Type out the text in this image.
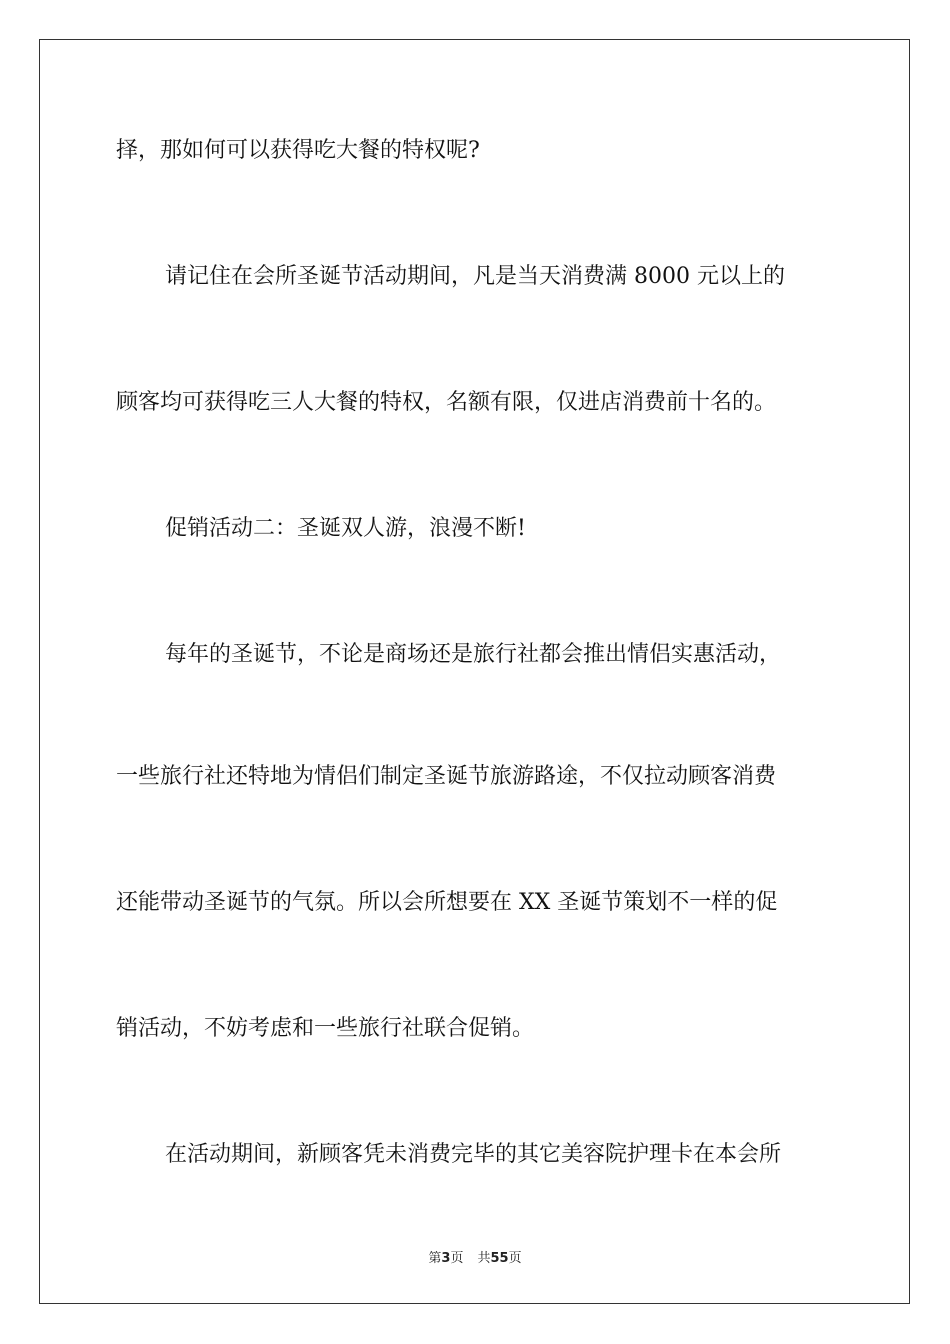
择，那如何可以获得吃大餐的特权呢?
请记住在会所圣诞节活动期间，凡是当天消费满 8000 元以上的
顾客均可获得吃三人大餐的特权，名额有限，仅进店消费前十名的。
促销活动二：圣诞双人游，浪漫不断!
每年的圣诞节，不论是商场还是旅行社都会推出情侣实惠活动，
一些旅行社还特地为情侣们制定圣诞节旅游路途，不仅拉动顾客消费
还能带动圣诞节的气氛。所以会所想要在 XX 圣诞节策划不一样的促
销活动，不妨考虑和一些旅行社联合促销。
在活动期间，新顾客凭未消费完毕的其它美容院护理卡在本会所
第3页 共55页
